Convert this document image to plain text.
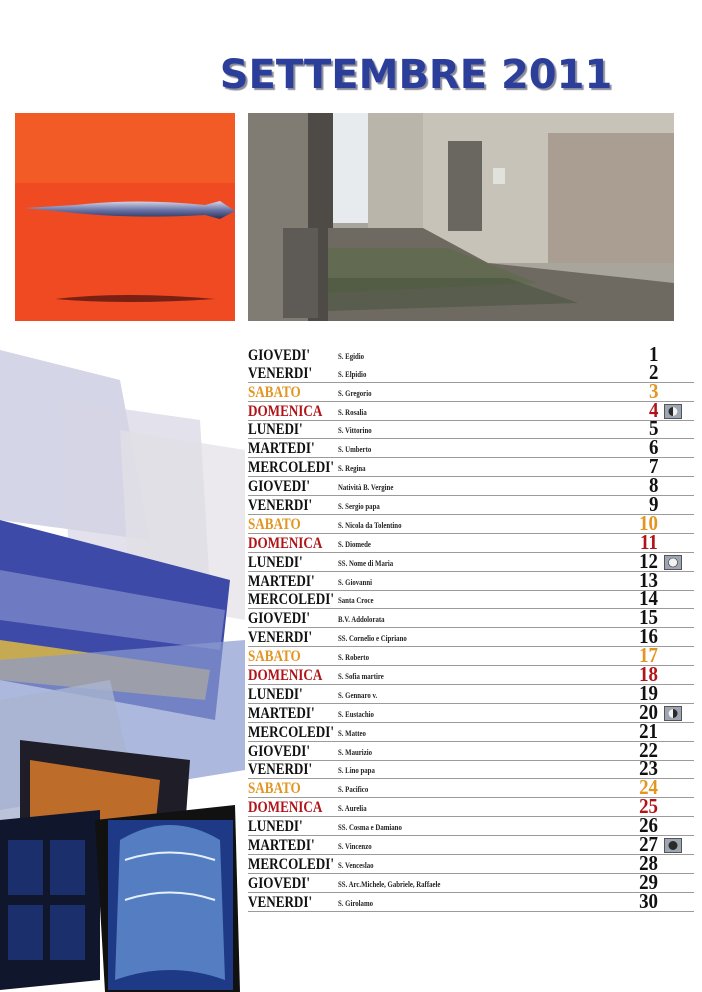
SETTEMBRE 2011
GIOVEDI'	S. Egidio	1
VENERDI'	S. Elpidio	2
SABATO	S. Gregorio	3
DOMENICA S. Rosalia	4
LUNEDI'	S. Vittorino	5
MARTEDI'	S. Umberto	6
MERCOLEDI' S. Regina	7
GIOVEDI'	Natività B. Vergine	8
VENERDI'	S. Sergio papa	9
SABATO	S. Nicola da Tolentino	10
DOMENICA S. Diomede	11
LUNEDI'	SS. Nome di Maria	12
MARTEDI'	S. Giovanni	13
MERCOLEDI' Santa Croce	14
GIOVEDI'	B.V. Addolorata	15
VENERDI'	SS. Cornelio e Cipriano	16
SABATO	S. Roberto	17
DOMENICA S. Sofia martire	18
LUNEDI'	S. Gennaro v.	19
MARTEDI'	S. Eustachio	20
MERCOLEDI' S. Matteo	21
GIOVEDI'	S. Maurizio	22
VENERDI'	S. Lino papa	23
SABATO	S. Pacifico	24
DOMENICA S. Aurelia	25
LUNEDI'	SS. Cosma e Damiano	26
MARTEDI'	S. Vincenzo	27
MERCOLEDI' S. Venceslao	28
GIOVEDI'	SS. Arc.Michele, Gabriele, Raffaele	29
VENERDI'	S. Girolamo	30
